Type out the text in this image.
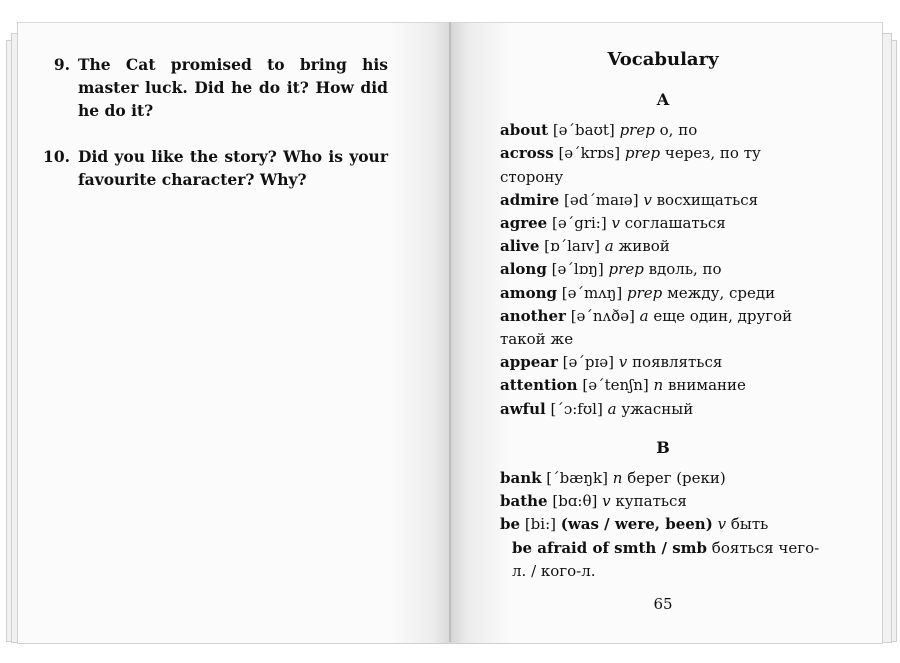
9. The Cat promised to bring his master luck. Did he do it? How did he do it?
10. Did you like the story? Who is your favourite character? Why?
Vocabulary
A

about [ə΄baʊt] prep о, по

across [ə΄krɒs] prep через, по ту сторону

admire [əd΄maɪə] v восхищаться

agree [ə΄gri:] v соглашаться

alive [ɒ΄laɪv] a живой

along [ə΄lɒŋ] prep вдоль, по

among [ə΄mʌŋ] prep между, среди

another [ə΄nʌðə] a еще один, другой такой же

appear [ə΄pɪə] v появляться

attention [ə΄tenʃn] n внимание

awful [΄ɔ:fʊl] a ужасный

B

bank [΄bæŋk] n берег (реки)

bathe [bɑ:θ] v купаться

be [bi:] (was / were, been) v быть

be afraid of smth / smb бояться чего-л. / кого-л.

65
